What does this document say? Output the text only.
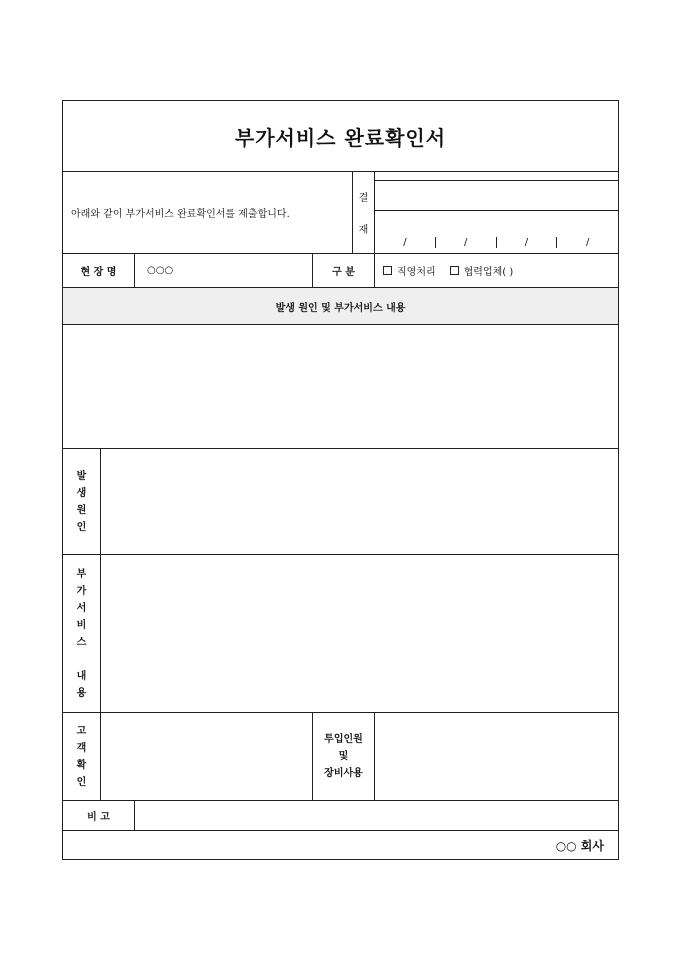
부가서비스 완료확인서
아래와 같이 부가서비스 완료확인서를 제출합니다.
결
재
/	/	/	/
현 장 명	○○○	구 분	직영처리	협력업체( )
발생 원인 및 부가서비스 내용
발
생
원
인
부
가
서
비
스
내
용
고
객
확
인
투입인원
및
장비사용
비 고
○○ 회사
